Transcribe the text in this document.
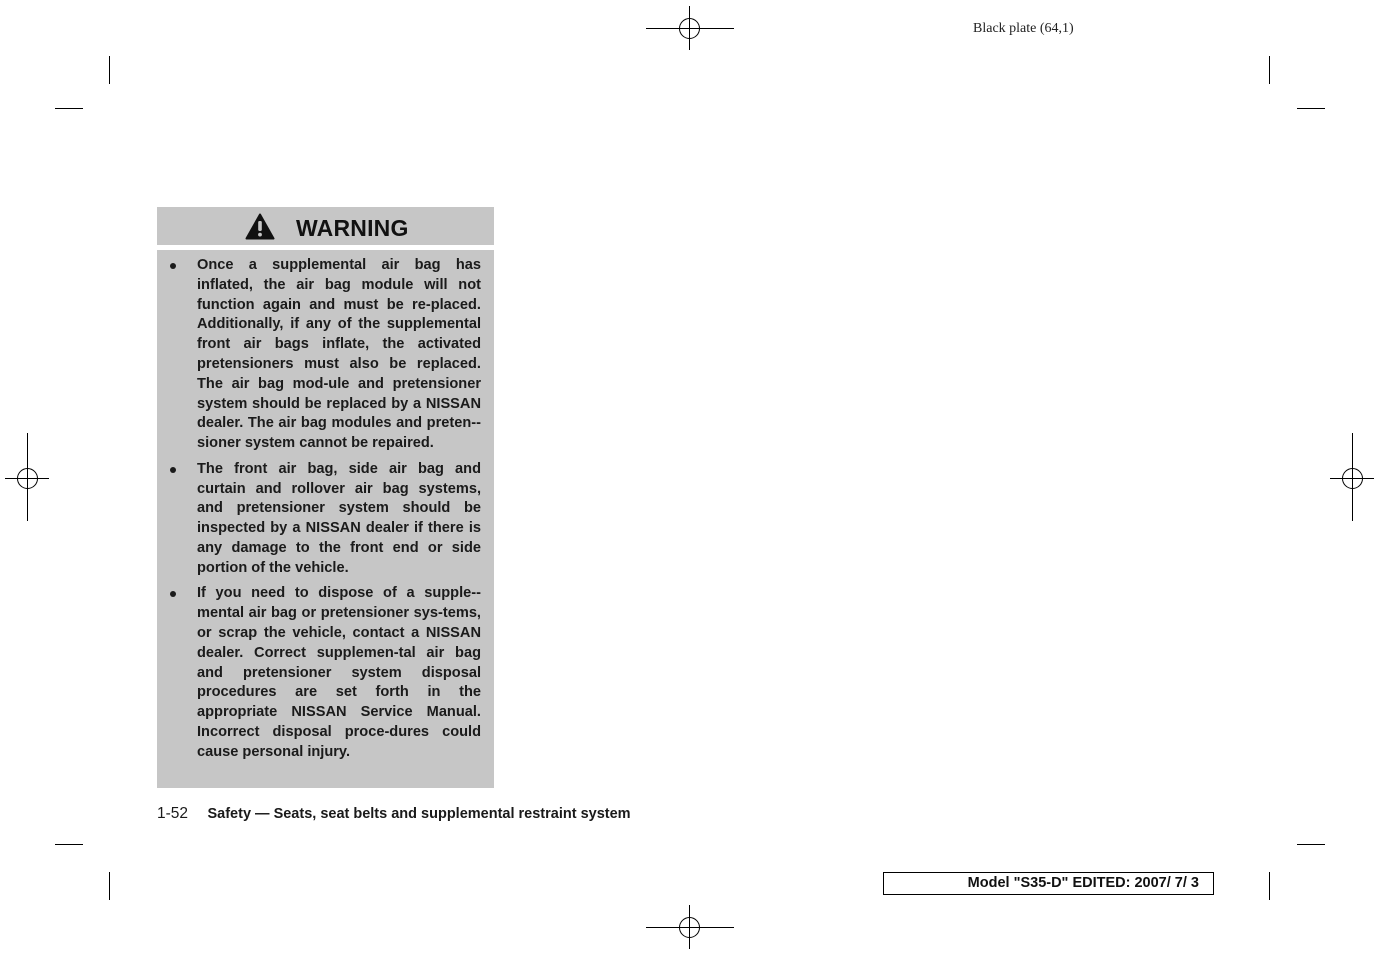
Black plate (64,1)
WARNING
Once a supplemental air bag has inflated, the air bag module will not function again and must be re-placed. Additionally, if any of the supplemental front air bags inflate, the activated pretensioners must also be replaced. The air bag mod-ule and pretensioner system should be replaced by a NISSAN dealer. The air bag modules and preten-sioner system cannot be repaired.
The front air bag, side air bag and curtain and rollover air bag systems, and pretensioner system should be inspected by a NISSAN dealer if there is any damage to the front end or side portion of the vehicle.
If you need to dispose of a supple-mental air bag or pretensioner sys-tems, or scrap the vehicle, contact a NISSAN dealer. Correct supplemen-tal air bag and pretensioner system disposal procedures are set forth in the appropriate NISSAN Service Manual. Incorrect disposal proce-dures could cause personal injury.
1-52 Safety — Seats, seat belts and supplemental restraint system
Model "S35-D" EDITED: 2007/ 7/ 3
